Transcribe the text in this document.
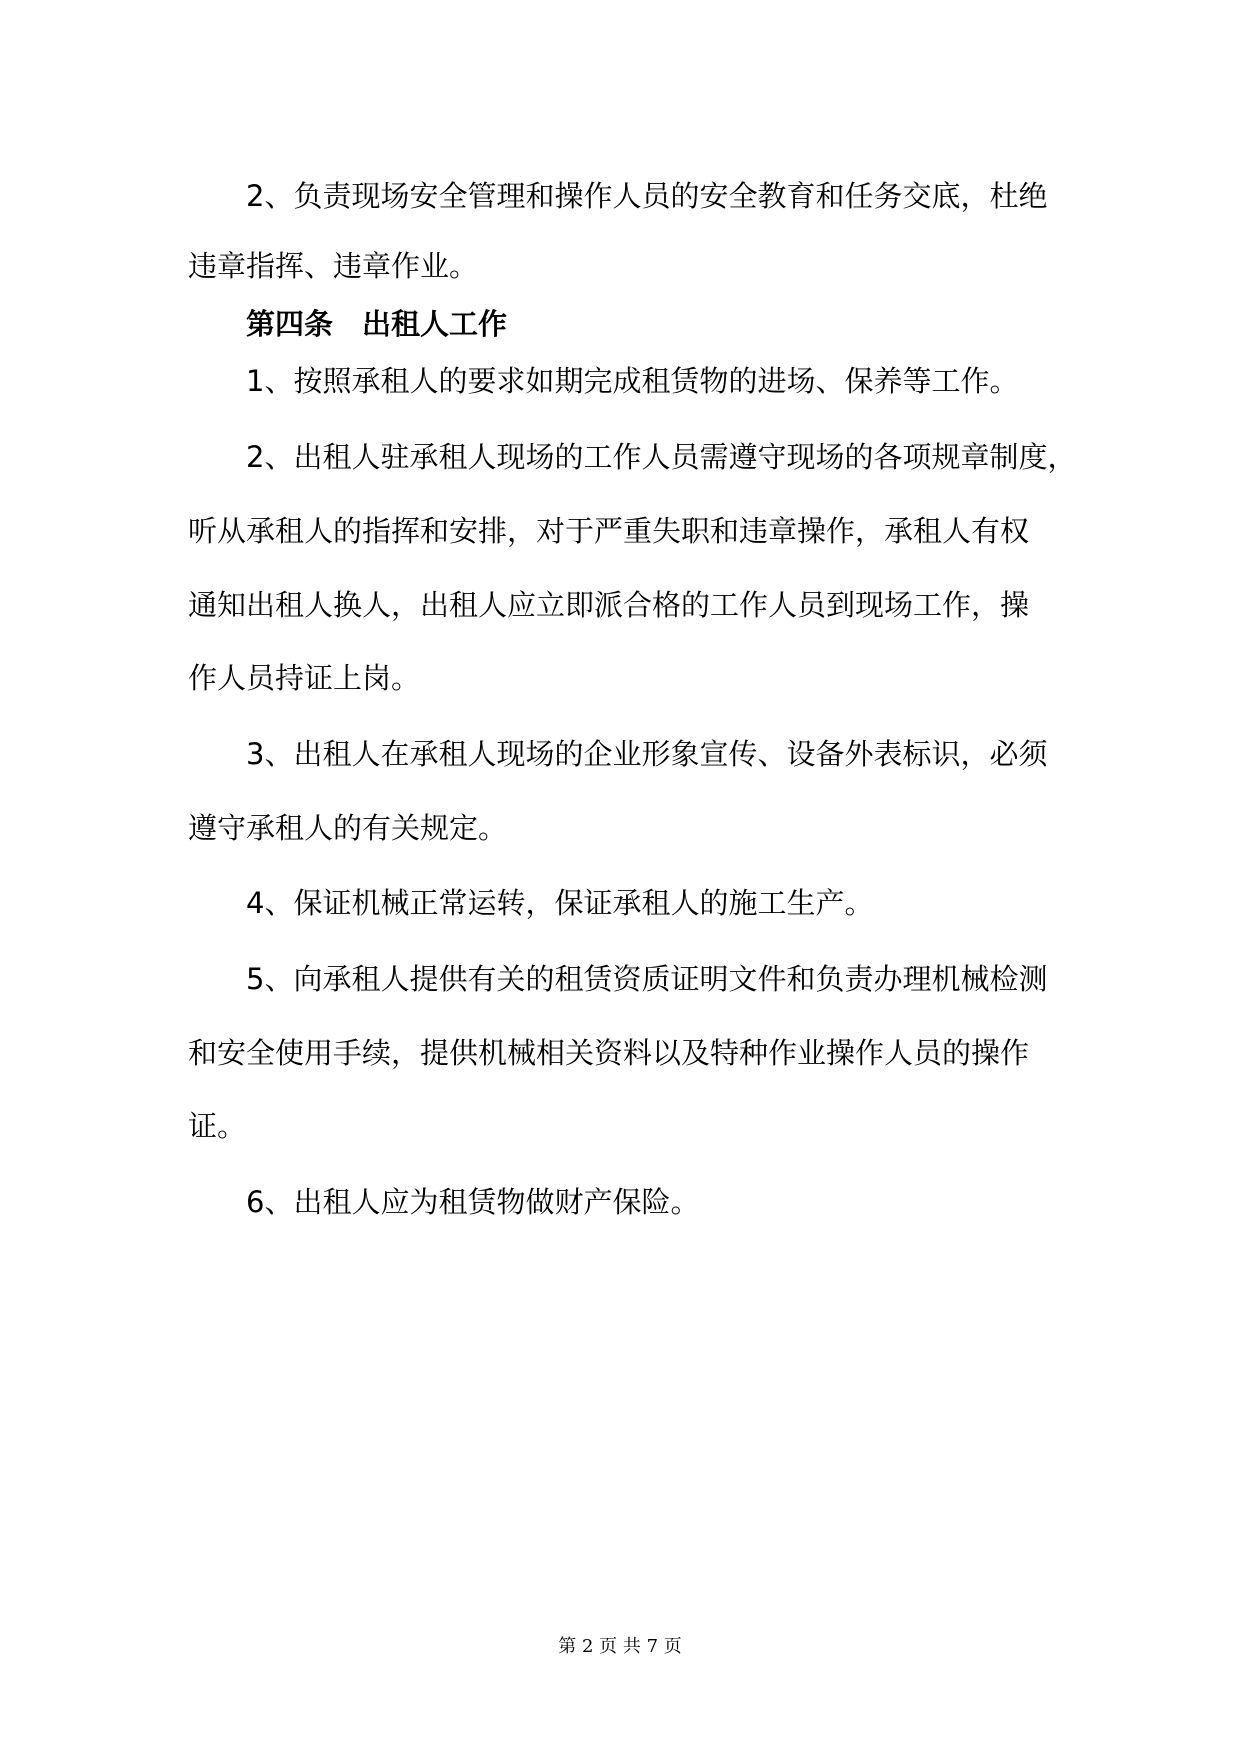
2、负责现场安全管理和操作人员的安全教育和任务交底，杜绝
违章指挥、违章作业。
第四条　出租人工作
1、按照承租人的要求如期完成租赁物的进场、保养等工作。
2、出租人驻承租人现场的工作人员需遵守现场的各项规章制度，
听从承租人的指挥和安排，对于严重失职和违章操作，承租人有权
通知出租人换人，出租人应立即派合格的工作人员到现场工作，操
作人员持证上岗。
3、出租人在承租人现场的企业形象宣传、设备外表标识，必须
遵守承租人的有关规定。
4、保证机械正常运转，保证承租人的施工生产。
5、向承租人提供有关的租赁资质证明文件和负责办理机械检测
和安全使用手续，提供机械相关资料以及特种作业操作人员的操作
证。
6、出租人应为租赁物做财产保险。
第 2 页 共 7 页
